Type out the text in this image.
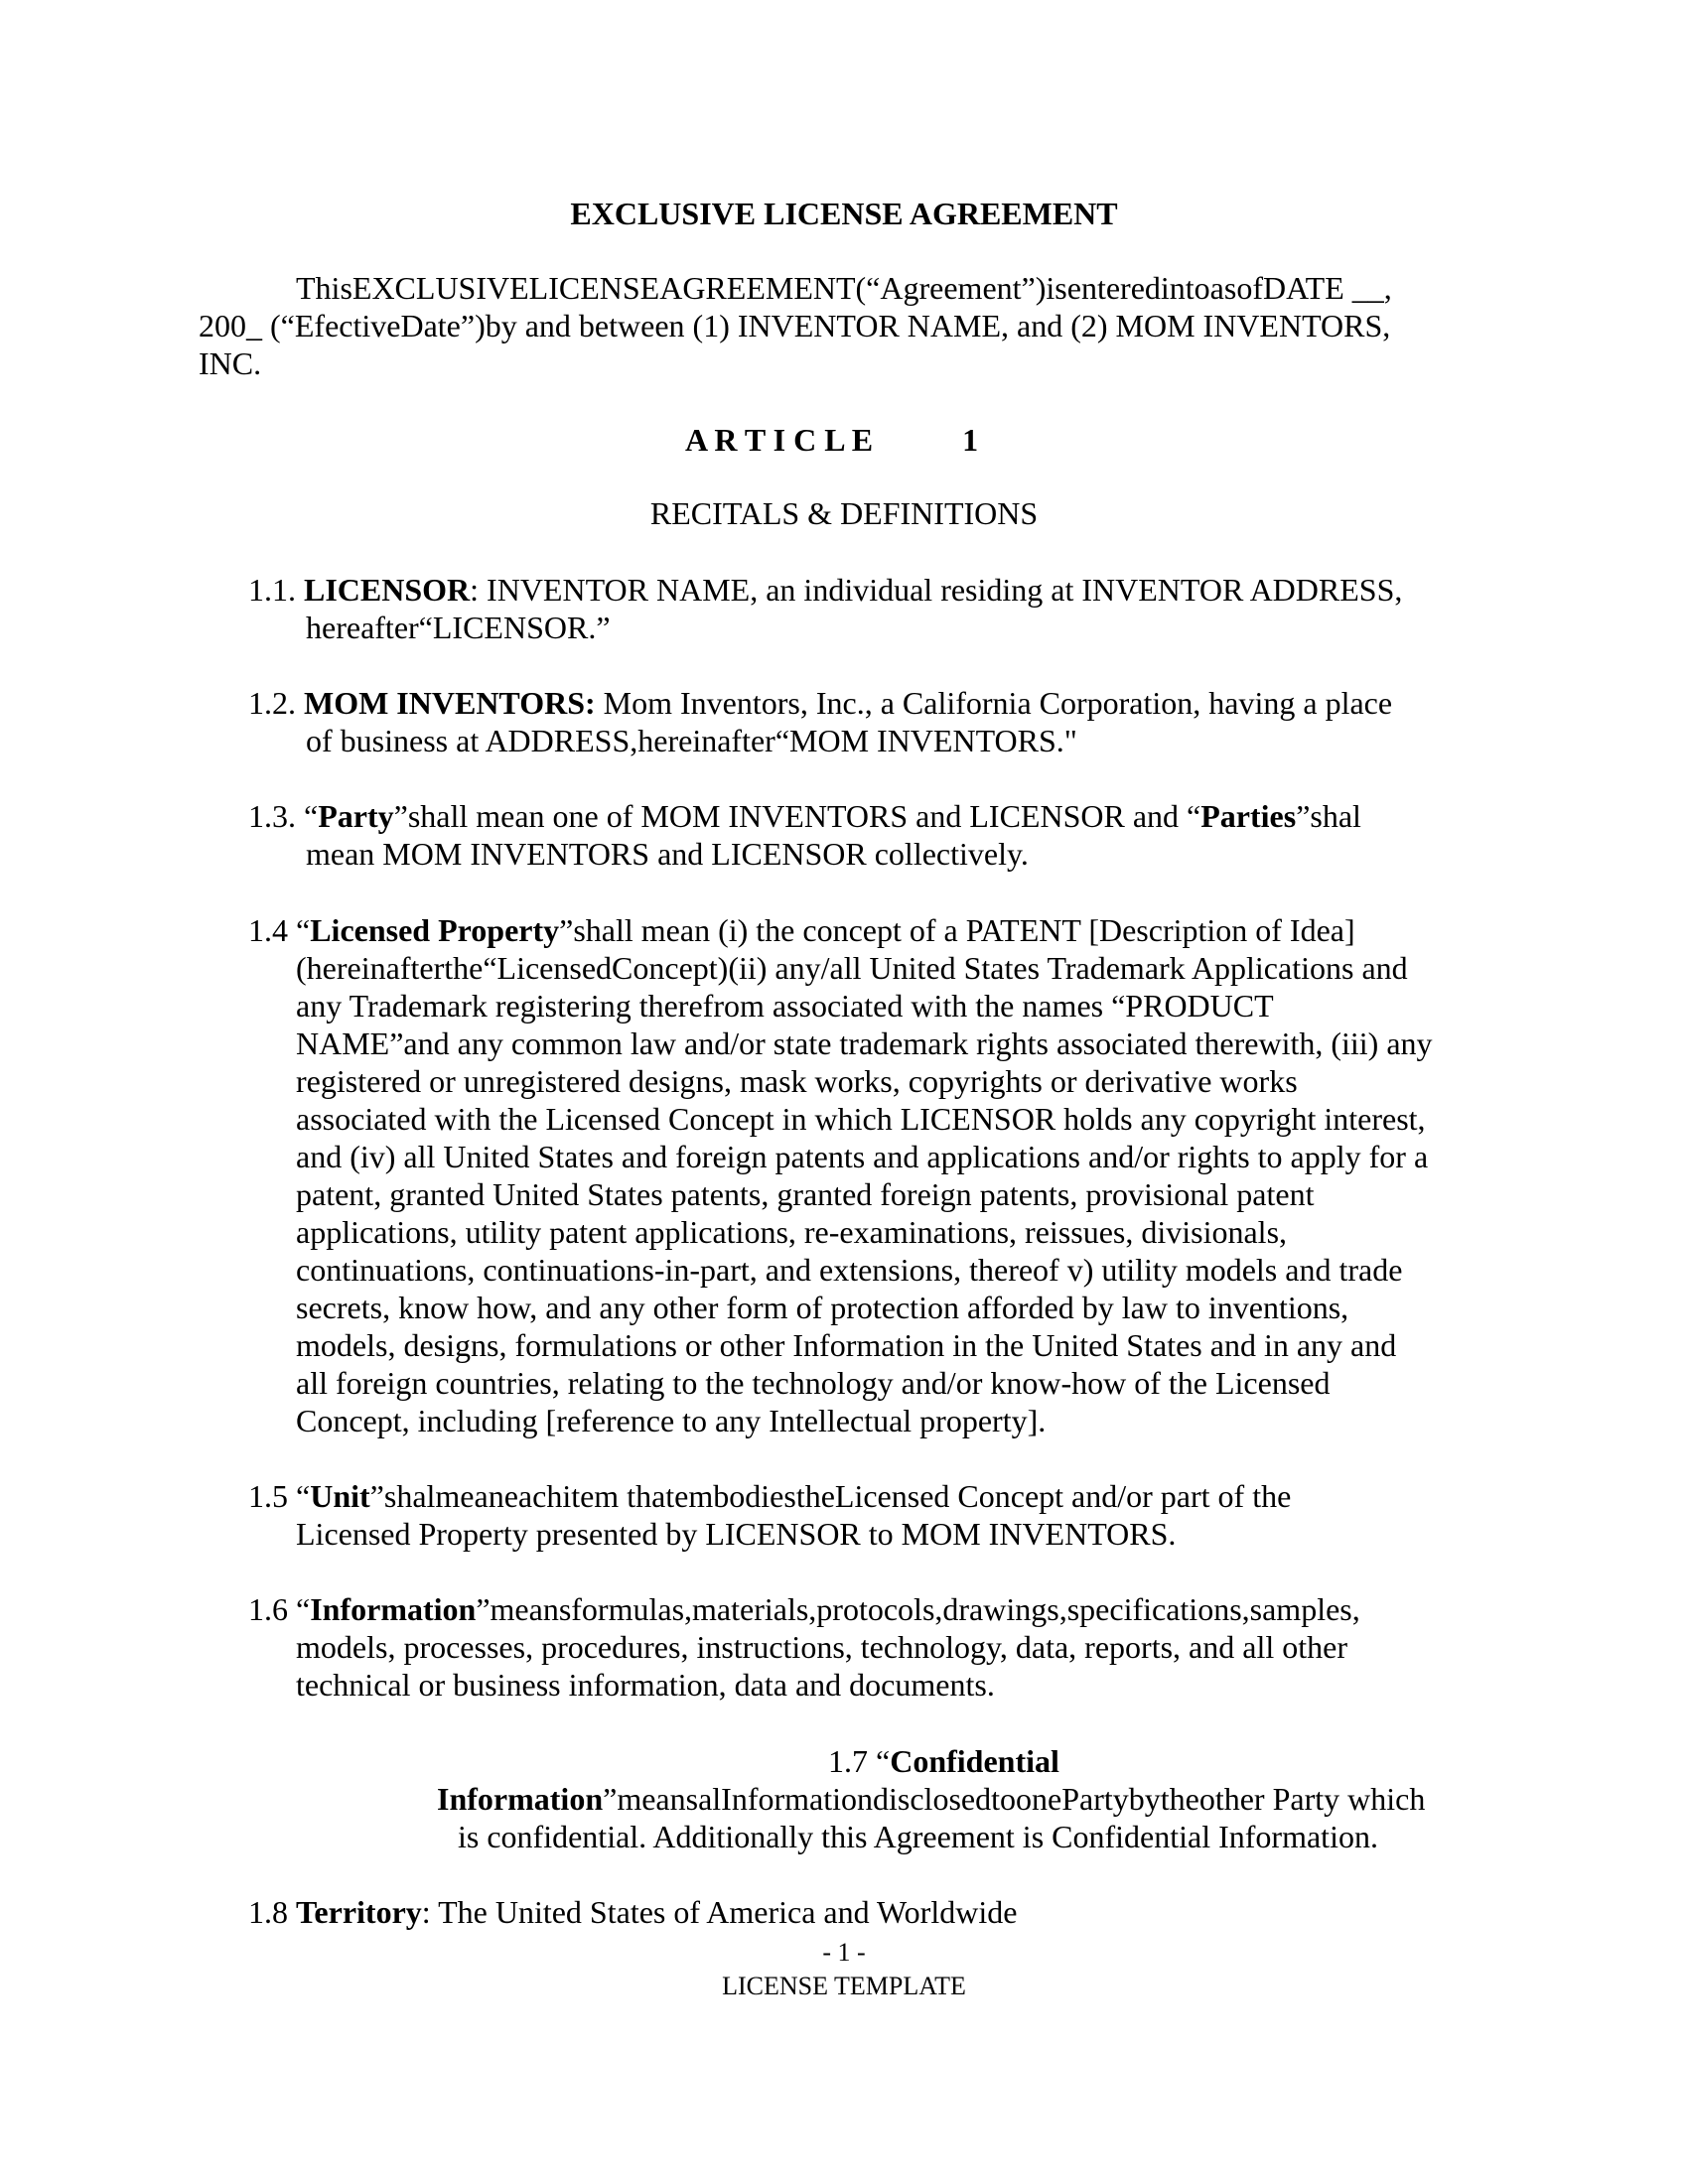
EXCLUSIVE LICENSE AGREEMENT
ThisEXCLUSIVELICENSEAGREEMENT(“Agreement”)isenteredintoasofDATE __,
200_ (“EfectiveDate”)by and between (1) INVENTOR NAME, and (2) MOM INVENTORS,
INC.
A R T I C L E	1
RECITALS & DEFINITIONS
1.1. LICENSOR: INVENTOR NAME, an individual residing at INVENTOR ADDRESS,
hereafter“LICENSOR.”
1.2. MOM INVENTORS: Mom Inventors, Inc., a California Corporation, having a place
of business at ADDRESS,hereinafter“MOM INVENTORS."
1.3. “Party”shall mean one of MOM INVENTORS and LICENSOR and “Parties”shal
mean MOM INVENTORS and LICENSOR collectively.
1.4 “Licensed Property”shall mean (i) the concept of a PATENT [Description of Idea]
(hereinafterthe“LicensedConcept)(ii) any/all United States Trademark Applications and
any Trademark registering therefrom associated with the names “PRODUCT
NAME”and any common law and/or state trademark rights associated therewith, (iii) any
registered or unregistered designs, mask works, copyrights or derivative works
associated with the Licensed Concept in which LICENSOR holds any copyright interest,
and (iv) all United States and foreign patents and applications and/or rights to apply for a
patent, granted United States patents, granted foreign patents, provisional patent
applications, utility patent applications, re-examinations, reissues, divisionals,
continuations, continuations-in-part, and extensions, thereof v) utility models and trade
secrets, know how, and any other form of protection afforded by law to inventions,
models, designs, formulations or other Information in the United States and in any and
all foreign countries, relating to the technology and/or know-how of the Licensed
Concept, including [reference to any Intellectual property].
1.5 “Unit”shalmeaneachitem thatembodiestheLicensed Concept and/or part of the
Licensed Property presented by LICENSOR to MOM INVENTORS.
1.6 “Information”meansformulas,materials,protocols,drawings,specifications,samples,
models, processes, procedures, instructions, technology, data, reports, and all other
technical or business information, data and documents.
1.7 “Confidential
Information”meansalInformationdisclosedtoonePartybytheother Party which
is confidential. Additionally this Agreement is Confidential Information.
1.8 Territory: The United States of America and Worldwide
- 1 -
LICENSE TEMPLATE
